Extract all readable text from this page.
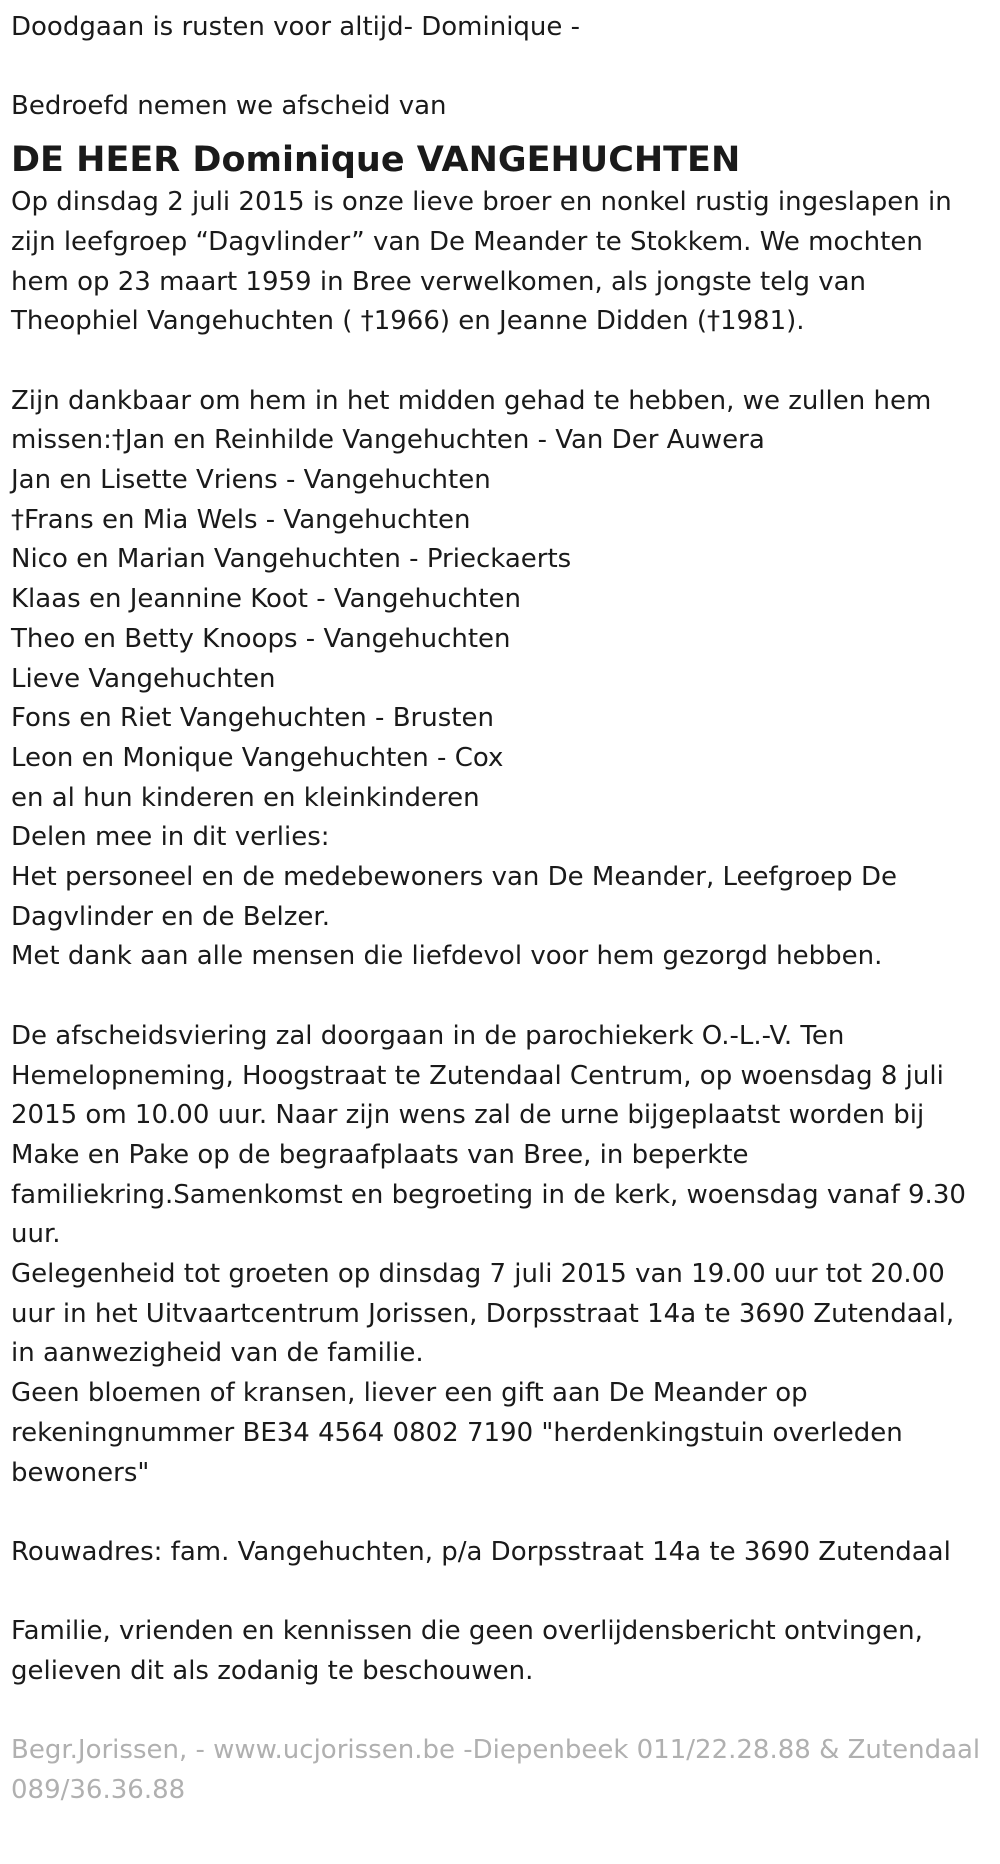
Doodgaan is rusten voor altijd- Dominique -

Bedroefd nemen we afscheid van

DE HEER Dominique VANGEHUCHTEN

Op dinsdag 2 juli 2015 is onze lieve broer en nonkel rustig ingeslapen in

zijn leefgroep “Dagvlinder” van De Meander te Stokkem. We mochten

hem op 23 maart 1959 in Bree verwelkomen, als jongste telg van

Theophiel Vangehuchten ( †1966) en Jeanne Didden (†1981).

Zijn dankbaar om hem in het midden gehad te hebben, we zullen hem

missen:†Jan en Reinhilde Vangehuchten - Van Der Auwera

Jan en Lisette Vriens - Vangehuchten

†Frans en Mia Wels - Vangehuchten

Nico en Marian Vangehuchten - Prieckaerts

Klaas en Jeannine Koot - Vangehuchten

Theo en Betty Knoops - Vangehuchten

Lieve Vangehuchten

Fons en Riet Vangehuchten - Brusten

Leon en Monique Vangehuchten - Cox

en al hun kinderen en kleinkinderen

Delen mee in dit verlies:

Het personeel en de medebewoners van De Meander, Leefgroep De

Dagvlinder en de Belzer.

Met dank aan alle mensen die liefdevol voor hem gezorgd hebben.

De afscheidsviering zal doorgaan in de parochiekerk O.-L.-V. Ten

Hemelopneming, Hoogstraat te Zutendaal Centrum, op woensdag 8 juli

2015 om 10.00 uur. Naar zijn wens zal de urne bijgeplaatst worden bij

Make en Pake op de begraafplaats van Bree, in beperkte

familiekring.Samenkomst en begroeting in de kerk, woensdag vanaf 9.30

uur.

Gelegenheid tot groeten op dinsdag 7 juli 2015 van 19.00 uur tot 20.00

uur in het Uitvaartcentrum Jorissen, Dorpsstraat 14a te 3690 Zutendaal,

in aanwezigheid van de familie.

Geen bloemen of kransen, liever een gift aan De Meander op

rekeningnummer BE34 4564 0802 7190 "herdenkingstuin overleden

bewoners"

Rouwadres: fam. Vangehuchten, p/a Dorpsstraat 14a te 3690 Zutendaal

Familie, vrienden en kennissen die geen overlijdensbericht ontvingen,

gelieven dit als zodanig te beschouwen.

Begr.Jorissen, - www.ucjorissen.be -Diepenbeek 011/22.28.88 & Zutendaal

089/36.36.88
